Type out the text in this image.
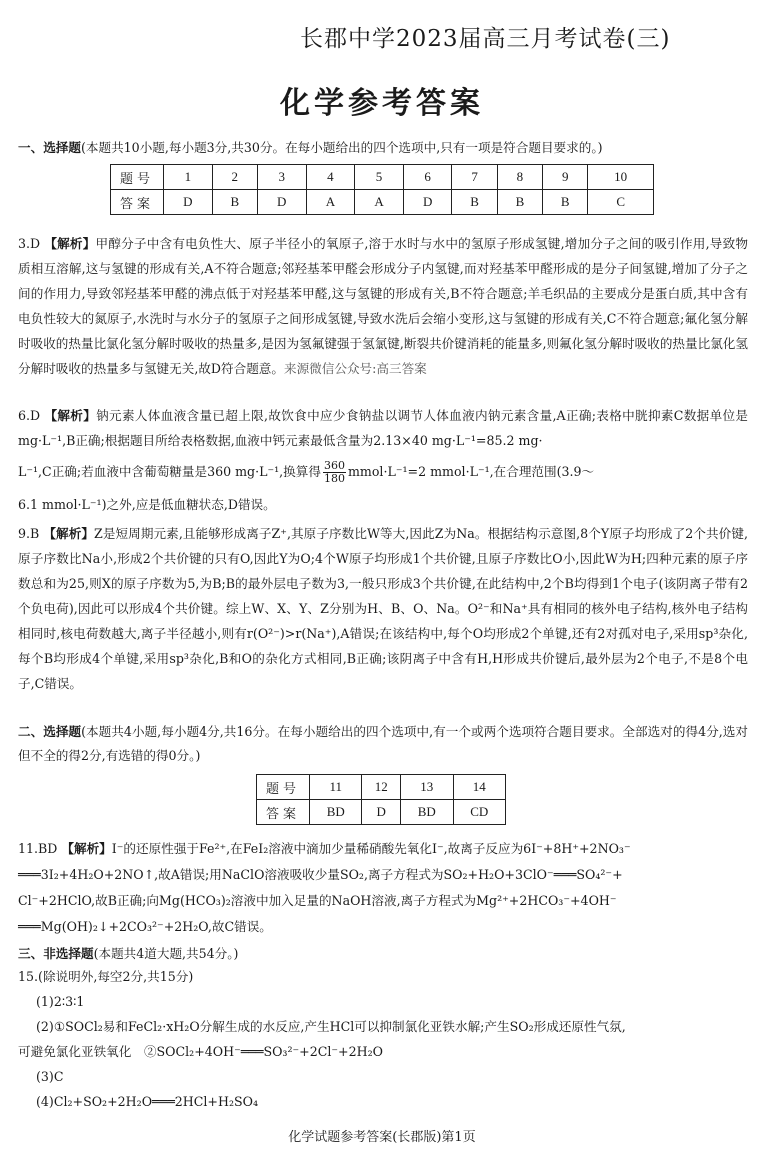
长郡中学2023届高三月考试卷(三)
化学参考答案
一、选择题(本题共10小题,每小题3分,共30分。在每小题给出的四个选项中,只有一项是符合题目要求的。)
题号	1	2	3	4	5	6	7	8	9	10
答案	D	B	D	A	A	D	B	B	B	C
3.D 【解析】甲醇分子中含有电负性大、原子半径小的氧原子,溶于水时与水中的氢原子形成氢键,增加分子之间的吸引作用,导致物质相互溶解,这与氢键的形成有关,A不符合题意;邻羟基苯甲醛会形成分子内氢键,而对羟基苯甲醛形成的是分子间氢键,增加了分子之间的作用力,导致邻羟基苯甲醛的沸点低于对羟基苯甲醛,这与氢键的形成有关,B不符合题意;羊毛织品的主要成分是蛋白质,其中含有电负性较大的氮原子,水洗时与水分子的氢原子之间形成氢键,导致水洗后会缩小变形,这与氢键的形成有关,C不符合题意;氟化氢分解时吸收的热量比氯化氢分解时吸收的热量多,是因为氢氟键强于氢氯键,断裂共价键消耗的能量多,则氟化氢分解时吸收的热量比氯化氢分解时吸收的热量多与氢键无关,故D符合题意。来源微信公众号:高三答案
6.D 【解析】钠元素人体血液含量已超上限,故饮食中应少食钠盐以调节人体血液内钠元素含量,A正确;表格中胱抑素C数据单位是mg·L⁻¹,B正确;根据题目所给表格数据,血液中钙元素最低含量为2.13×40 mg·L⁻¹=85.2 mg·
L⁻¹,C正确;若血液中含葡萄糖量是360 mg·L⁻¹,换算得 $\frac{360}{180}$ mmol·L⁻¹=2 mmol·L⁻¹,在合理范围(3.9～
6.1 mmol·L⁻¹)之外,应是低血糖状态,D错误。
9.B 【解析】Z是短周期元素,且能够形成离子Z⁺,其原子序数比W等大,因此Z为Na。根据结构示意图,8个Y原子均形成了2个共价键,原子序数比Na小,形成2个共价键的只有O,因此Y为O;4个W原子均形成1个共价键,且原子序数比O小,因此W为H;四种元素的原子序数总和为25,则X的原子序数为5,为B;B的最外层电子数为3,一般只形成3个共价键,在此结构中,2个B均得到1个电子(该阴离子带有2个负电荷),因此可以形成4个共价键。综上W、X、Y、Z分别为H、B、O、Na。O²⁻和Na⁺具有相同的核外电子结构,核外电子结构相同时,核电荷数越大,离子半径越小,则有r(O²⁻)>r(Na⁺),A错误;在该结构中,每个O均形成2个单键,还有2对孤对电子,采用sp³杂化,每个B均形成4个单键,采用sp³杂化,B和O的杂化方式相同,B正确;该阴离子中含有H,H形成共价键后,最外层为2个电子,不是8个电子,C错误。
二、选择题(本题共4小题,每小题4分,共16分。在每小题给出的四个选项中,有一个或两个选项符合题目要求。全部选对的得4分,选对但不全的得2分,有选错的得0分。)
题号	11	12	13	14
答案	BD	D	BD	CD
11.BD 【解析】I⁻的还原性强于Fe²⁺,在FeI₂溶液中滴加少量稀硝酸先氧化I⁻,故离子反应为6I⁻+8H⁺+2NO₃⁻
═══3I₂+4H₂O+2NO↑,故A错误;用NaClO溶液吸收少量SO₂,离子方程式为SO₂+H₂O+3ClO⁻═══SO₄²⁻+
Cl⁻+2HClO,故B正确;向Mg(HCO₃)₂溶液中加入足量的NaOH溶液,离子方程式为Mg²⁺+2HCO₃⁻+4OH⁻
═══Mg(OH)₂↓+2CO₃²⁻+2H₂O,故C错误。
三、非选择题(本题共4道大题,共54分。)
15.(除说明外,每空2分,共15分)
(1)2∶3∶1
(2)①SOCl₂易和FeCl₂·xH₂O分解生成的水反应,产生HCl可以抑制氯化亚铁水解;产生SO₂形成还原性气氛,
可避免氯化亚铁氧化　②SOCl₂+4OH⁻═══SO₃²⁻+2Cl⁻+2H₂O
(3)C
(4)Cl₂+SO₂+2H₂O═══2HCl+H₂SO₄
化学试题参考答案(长郡版)第1页
